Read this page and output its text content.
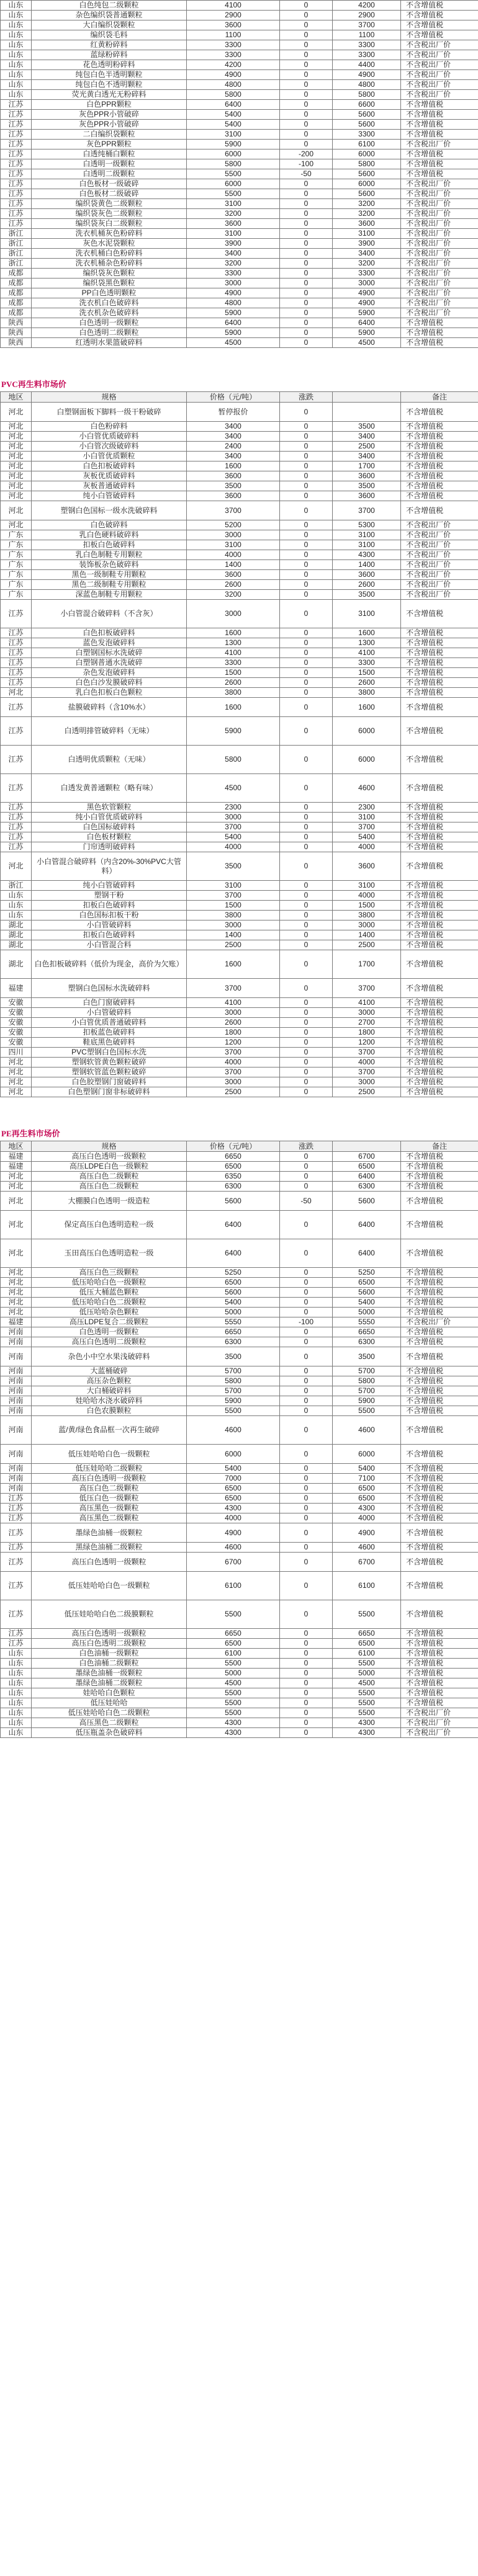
山东	白色纯包二级颗粒	4100	0	4200	不含增值税
山东	杂色编织袋普通颗粒	2900	0	2900	不含增值税
山东	大白编织袋颗粒	3600	0	3700	不含增值税
山东	编织袋毛料	1100	0	1100	不含增值税
山东	红黄粉碎料	3300	0	3300	不含税出厂价
山东	蓝绿粉碎料	3300	0	3300	不含税出厂价
山东	花色透明粉碎料	4200	0	4400	不含税出厂价
山东	纯包白色半透明颗粒	4900	0	4900	不含税出厂价
山东	纯包白色不透明颗粒	4800	0	4800	不含税出厂价
山东	荧光黄白透光无粉碎料	5800	0	5800	不含税出厂价
江苏	白色PPR颗粒	6400	0	6600	不含增值税
江苏	灰色PPR小管破碎	5400	0	5600	不含增值税
江苏	灰色PPR小管破碎	5400	0	5600	不含增值税
江苏	二白编织袋颗粒	3100	0	3300	不含增值税
江苏	灰色PPR颗粒	5900	0	6100	不含税出厂价
江苏	白透纯桶白颗粒	6000	-200	6000	不含增值税
江苏	白透明一级颗粒	5800	-100	5800	不含增值税
江苏	白透明二级颗粒	5500	-50	5600	不含增值税
江苏	白色板材一级破碎	6000	0	6000	不含税出厂价
江苏	白色板材二级破碎	5500	0	5600	不含税出厂价
江苏	编织袋黄色二级颗粒	3100	0	3200	不含税出厂价
江苏	编织袋灰色二级颗粒	3200	0	3200	不含税出厂价
江苏	编织袋灰白二级颗粒	3600	0	3600	不含税出厂价
浙江	洗衣机桶灰色粉碎料	3100	0	3100	不含税出厂价
浙江	灰色水泥袋颗粒	3900	0	3900	不含税出厂价
浙江	洗衣机桶白色粉碎料	3400	0	3400	不含税出厂价
浙江	洗衣机桶杂色粉碎料	3200	0	3200	不含税出厂价
成都	编织袋灰色颗粒	3300	0	3300	不含税出厂价
成都	编织袋黑色颗粒	3000	0	3000	不含税出厂价
成都	PP白色透明颗粒	4900	0	4900	不含税出厂价
成都	洗衣机白色破碎料	4800	0	4900	不含税出厂价
成都	洗衣机杂色破碎料	5900	0	5900	不含税出厂价
陕西	白色透明一级颗粒	6400	0	6400	不含增值税
陕西	白色透明二级颗粒	5900	0	5900	不含增值税
陕西	红透明水果篮破碎料	4500	0	4500	不含增值税
PVC再生料市场价
地区	规格	价格（元/吨）	涨跌		备注
河北	白塑钢面板下脚料一级干粉破碎	暂停报价	0		不含增值税
河北	白色粉碎料	3400	0	3500	不含增值税
河北	小白管优质破碎料	3400	0	3400	不含增值税
河北	小白管次级破碎料	2400	0	2500	不含增值税
河北	小白管优质颗粒	3400	0	3400	不含增值税
河北	白色扣板破碎料	1600	0	1700	不含增值税
河北	灰板优质破碎料	3600	0	3600	不含增值税
河北	灰板普通破碎料	3500	0	3500	不含增值税
河北	纯小白管破碎料	3600	0	3600	不含增值税
河北	塑钢白色国标一级水洗破碎料	3700	0	3700	不含增值税
河北	白色破碎料	5200	0	5300	不含税出厂价
广东	乳白色硬料破碎料	3000	0	3100	不含税出厂价
广东	扣板白色破碎料	3100	0	3100	不含税出厂价
广东	乳白色制鞋专用颗粒	4000	0	4300	不含税出厂价
广东	装饰板杂色破碎料	1400	0	1400	不含税出厂价
广东	黑色一级制鞋专用颗粒	3600	0	3600	不含税出厂价
广东	黑色二级制鞋专用颗粒	2600	0	2600	不含税出厂价
广东	深蓝色制鞋专用颗粒	3200	0	3500	不含税出厂价
江苏	小白管混合破碎料（不含灰）	3000	0	3100	不含增值税
江苏	白色扣板破碎料	1600	0	1600	不含增值税
江苏	蓝色发泡破碎料	1300	0	1300	不含增值税
江苏	白塑钢国标水洗破碎	4100	0	4100	不含增值税
江苏	白塑钢普通水洗破碎	3300	0	3300	不含增值税
江苏	杂色发泡破碎料	1500	0	1500	不含增值税
江苏	白色白沙发膜破碎料	2600	0	2600	不含增值税
河北	乳白色扣板白色颗粒	3800	0	3800	不含增值税
江苏	盐膜破碎料（含10%水）	1600	0	1600	不含增值税
江苏	白透明排管破碎料（无味）	5900	0	6000	不含增值税
江苏	白透明优质颗粒（无味）	5800	0	6000	不含增值税
江苏	白透发黄普通颗粒（略有味）	4500	0	4600	不含增值税
江苏	黑色软管颗粒	2300	0	2300	不含增值税
江苏	纯小白管优质破碎料	3000	0	3100	不含增值税
江苏	白色国标破碎料	3700	0	3700	不含增值税
江苏	白色板材颗粒	5400	0	5400	不含增值税
江苏	门帘透明破碎料	4000	0	4000	不含增值税
河北	小白管混合破碎料（内含20%-30%PVC大管料）	3500	0	3600	不含增值税
浙江	纯小白管破碎料	3100	0	3100	不含增值税
山东	塑钢干粉	3700	0	4000	不含增值税
山东	扣板白色破碎料	1500	0	1500	不含增值税
山东	白色国标扣板干粉	3800	0	3800	不含增值税
湖北	小白管破碎料	3000	0	3000	不含增值税
湖北	扣板白色破碎料	1400	0	1400	不含增值税
湖北	小白管混合料	2500	0	2500	不含增值税
湖北	白色扣板破碎料（低价为现金，高价为欠账）	1600	0	1700	不含增值税
福建	塑钢白色国标水洗破碎料	3700	0	3700	不含增值税
安徽	白色门窗破碎料	4100	0	4100	不含增值税
安徽	小白管破碎料	3000	0	3000	不含增值税
安徽	小白管优质普通破碎料	2600	0	2700	不含增值税
安徽	扣板蓝色破碎料	1800	0	1800	不含增值税
安徽	鞋底黑色破碎料	1200	0	1200	不含增值税
四川	PVC塑钢白色国标水洗	3700	0	3700	不含增值税
河北	塑钢软管黄色颗粒破碎	4000	0	4000	不含增值税
河北	塑钢软管蓝色颗粒破碎	3700	0	3700	不含增值税
河北	白色胶塑钢门窗破碎料	3000	0	3000	不含增值税
河北	白色塑钢门窗非标破碎料	2500	0	2500	不含增值税
PE再生料市场价
地区	规格	价格（元/吨）	涨跌		备注
福建	高压白色透明一级颗粒	6650	0	6700	不含增值税
福建	高压LDPE白色一级颗粒	6500	0	6500	不含增值税
河北	高压白色二级颗粒	6350	0	6400	不含增值税
河北	高压白色二级颗粒	6300	0	6300	不含增值税
河北	大棚膜白色透明一级造粒	5600	-50	5600	不含增值税
河北	保定高压白色透明造粒一级	6400	0	6400	不含增值税
河北	玉田高压白色透明造粒一级	6400	0	6400	不含增值税
河北	高压白色三级颗粒	5250	0	5250	不含增值税
河北	低压哈哈白色一级颗粒	6500	0	6500	不含增值税
河北	低压大桶蓝色颗粒	5600	0	5600	不含增值税
河北	低压哈哈白色二级颗粒	5400	0	5400	不含增值税
河北	低压哈哈杂色颗粒	5000	0	5000	不含增值税
福建	高压LDPE复合二级颗粒	5550	-100	5550	不含税出厂价
河南	白色透明一级颗粒	6650	0	6650	不含增值税
河南	高压白色透明二级颗粒	6300	0	6300	不含增值税
河南	杂色小中空水果浅破碎料	3500	0	3500	不含增值税
河南	大蓝桶破碎	5700	0	5700	不含增值税
河南	高压杂色颗粒	5800	0	5800	不含增值税
河南	大白桶破碎料	5700	0	5700	不含增值税
河南	娃哈哈水浇水破碎料	5900	0	5900	不含增值税
河南	白色农膜颗粒	5500	0	5500	不含增值税
河南	蓝/黄/绿色食品框一次再生破碎	4600	0	4600	不含增值税
河南	低压娃哈哈白色一级颗粒	6000	0	6000	不含增值税
河南	低压娃哈哈二级颗粒	5400	0	5400	不含增值税
河南	高压白色透明一级颗粒	7000	0	7100	不含增值税
河南	高压白色二级颗粒	6500	0	6500	不含增值税
江苏	低压白色一级颗粒	6500	0	6500	不含增值税
江苏	高压黑色一级颗粒	4300	0	4300	不含增值税
江苏	高压黑色二级颗粒	4000	0	4000	不含增值税
江苏	墨绿色油桶一级颗粒	4900	0	4900	不含增值税
江苏	黑绿色油桶二级颗粒	4600	0	4600	不含增值税
江苏	高压白色透明一级颗粒	6700	0	6700	不含增值税
江苏	低压娃哈哈白色一级颗粒	6100	0	6100	不含增值税
江苏	低压娃哈哈白色二级膜颗粒	5500	0	5500	不含增值税
江苏	高压白色透明一级颗粒	6650	0	6650	不含增值税
江苏	高压白色透明二级颗粒	6500	0	6500	不含增值税
山东	白色油桶一级颗粒	6100	0	6100	不含增值税
山东	白色油桶二级颗粒	5500	0	5500	不含增值税
山东	墨绿色油桶一级颗粒	5000	0	5000	不含增值税
山东	墨绿色油桶二级颗粒	4500	0	4500	不含增值税
山东	娃哈哈白色颗粒	5500	0	5500	不含增值税
山东	低压娃哈哈	5500	0	5500	不含增值税
山东	低压娃哈哈白色二级颗粒	5500	0	5500	不含税出厂价
山东	高压黑色二级颗粒	4300	0	4300	不含税出厂价
山东	低压瓶盖杂色破碎料	4300	0	4300	不含税出厂价
